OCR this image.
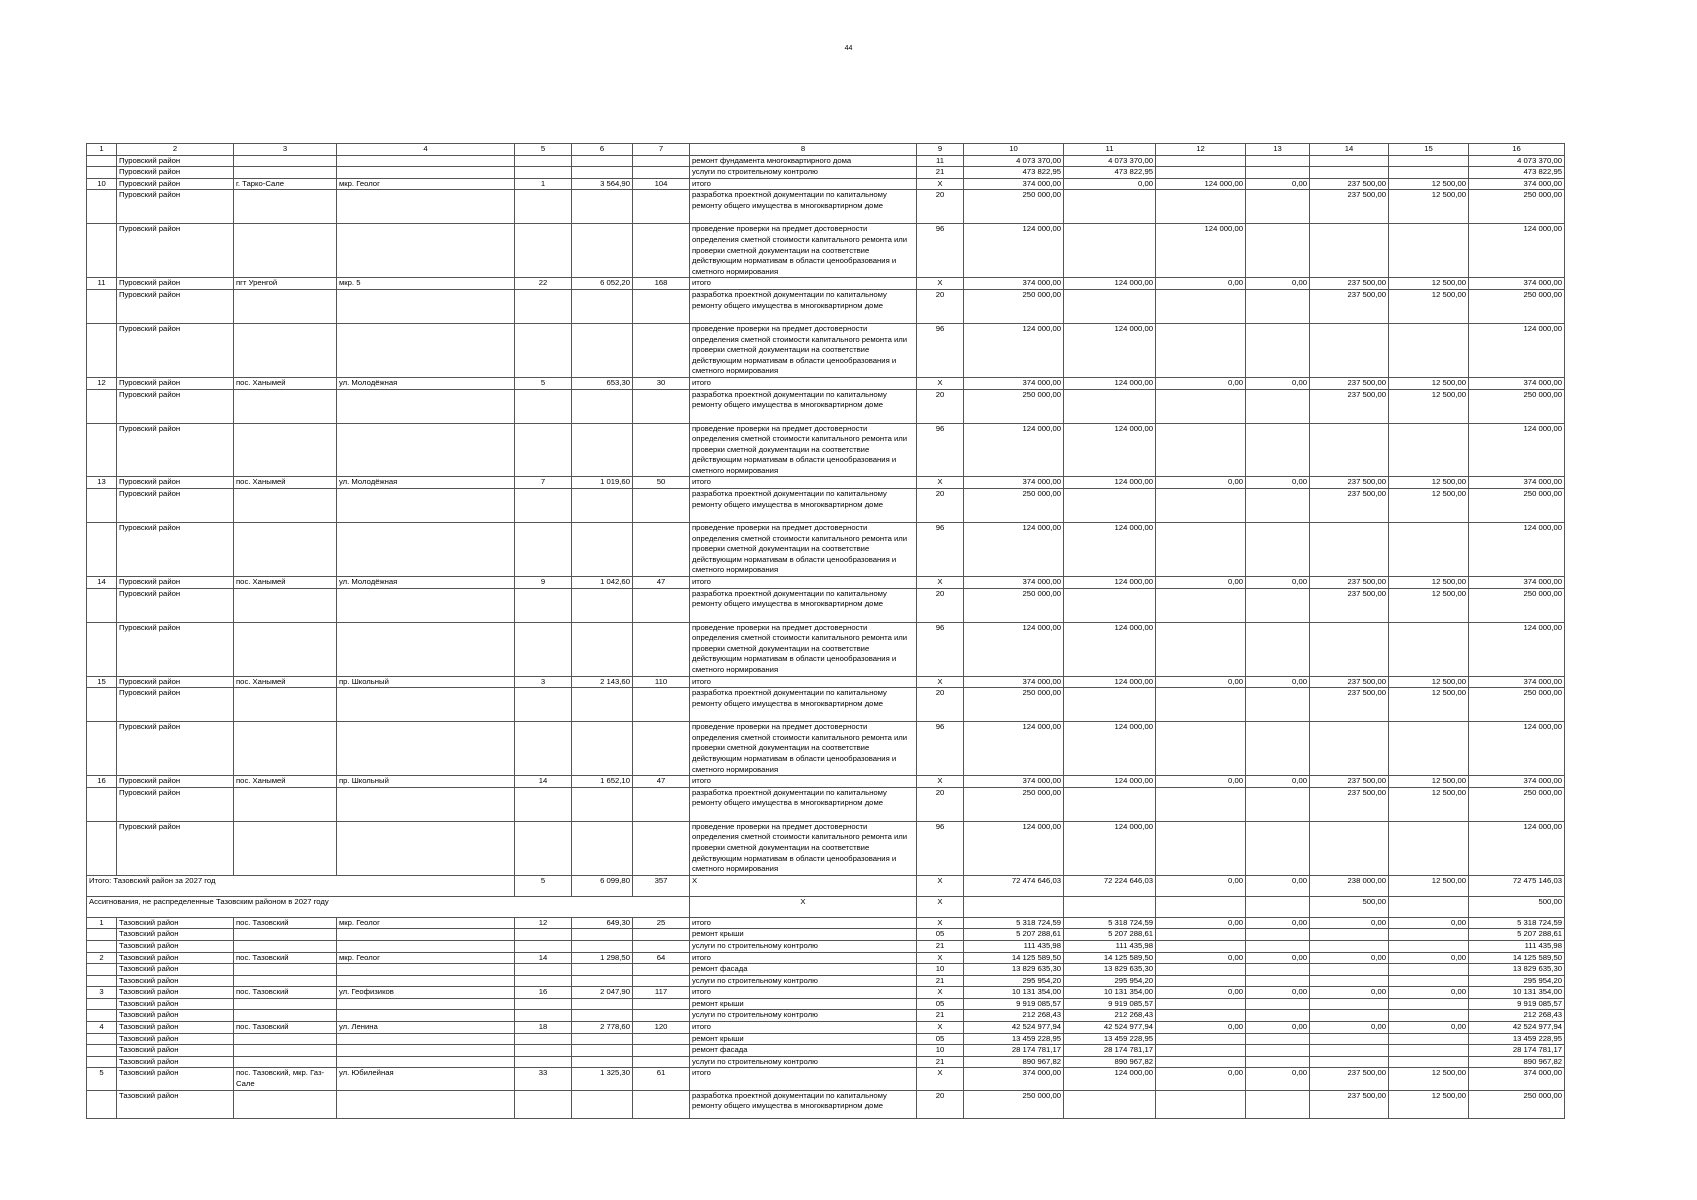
44
1	2	3	4	5	6	7	8	9	10	11	12	13	14	15	16
	Пуровский район						ремонт фундамента многоквартирного дома	11	4 073 370,00	4 073 370,00					4 073 370,00
	Пуровский район						услуги по строительному контролю	21	473 822,95	473 822,95					473 822,95
10	Пуровский район	г. Тарко-Сале	мкр. Геолог	1	3 564,90	104	итого	X	374 000,00	0,00	124 000,00	0,00	237 500,00	12 500,00	374 000,00
	Пуровский район						разработка проектной документации по капитальному ремонту общего имущества в многоквартирном доме	20	250 000,00				237 500,00	12 500,00	250 000,00
	Пуровский район						проведение проверки на предмет достоверности определения сметной стоимости капитального ремонта или проверки сметной документации на соответствие действующим нормативам в области ценообразования и сметного нормирования	96	124 000,00		124 000,00				124 000,00
11	Пуровский район	пгт Уренгой	мкр. 5	22	6 052,20	168	итого	X	374 000,00	124 000,00	0,00	0,00	237 500,00	12 500,00	374 000,00
	Пуровский район						разработка проектной документации по капитальному ремонту общего имущества в многоквартирном доме	20	250 000,00				237 500,00	12 500,00	250 000,00
	Пуровский район						проведение проверки на предмет достоверности определения сметной стоимости капитального ремонта или проверки сметной документации на соответствие действующим нормативам в области ценообразования и сметного нормирования	96	124 000,00	124 000,00					124 000,00
12	Пуровский район	пос. Ханымей	ул. Молодёжная	5	653,30	30	итого	X	374 000,00	124 000,00	0,00	0,00	237 500,00	12 500,00	374 000,00
	Пуровский район						разработка проектной документации по капитальному ремонту общего имущества в многоквартирном доме	20	250 000,00				237 500,00	12 500,00	250 000,00
	Пуровский район						проведение проверки на предмет достоверности определения сметной стоимости капитального ремонта или проверки сметной документации на соответствие действующим нормативам в области ценообразования и сметного нормирования	96	124 000,00	124 000,00					124 000,00
13	Пуровский район	пос. Ханымей	ул. Молодёжная	7	1 019,60	50	итого	X	374 000,00	124 000,00	0,00	0,00	237 500,00	12 500,00	374 000,00
	Пуровский район						разработка проектной документации по капитальному ремонту общего имущества в многоквартирном доме	20	250 000,00				237 500,00	12 500,00	250 000,00
	Пуровский район						проведение проверки на предмет достоверности определения сметной стоимости капитального ремонта или проверки сметной документации на соответствие действующим нормативам в области ценообразования и сметного нормирования	96	124 000,00	124 000,00					124 000,00
14	Пуровский район	пос. Ханымей	ул. Молодёжная	9	1 042,60	47	итого	X	374 000,00	124 000,00	0,00	0,00	237 500,00	12 500,00	374 000,00
	Пуровский район						разработка проектной документации по капитальному ремонту общего имущества в многоквартирном доме	20	250 000,00				237 500,00	12 500,00	250 000,00
	Пуровский район						проведение проверки на предмет достоверности определения сметной стоимости капитального ремонта или проверки сметной документации на соответствие действующим нормативам в области ценообразования и сметного нормирования	96	124 000,00	124 000,00					124 000,00
15	Пуровский район	пос. Ханымей	пр. Школьный	3	2 143,60	110	итого	X	374 000,00	124 000,00	0,00	0,00	237 500,00	12 500,00	374 000,00
	Пуровский район						разработка проектной документации по капитальному ремонту общего имущества в многоквартирном доме	20	250 000,00				237 500,00	12 500,00	250 000,00
	Пуровский район						проведение проверки на предмет достоверности определения сметной стоимости капитального ремонта или проверки сметной документации на соответствие действующим нормативам в области ценообразования и сметного нормирования	96	124 000,00	124 000,00					124 000,00
16	Пуровский район	пос. Ханымей	пр. Школьный	14	1 652,10	47	итого	X	374 000,00	124 000,00	0,00	0,00	237 500,00	12 500,00	374 000,00
	Пуровский район						разработка проектной документации по капитальному ремонту общего имущества в многоквартирном доме	20	250 000,00				237 500,00	12 500,00	250 000,00
	Пуровский район						проведение проверки на предмет достоверности определения сметной стоимости капитального ремонта или проверки сметной документации на соответствие действующим нормативам в области ценообразования и сметного нормирования	96	124 000,00	124 000,00					124 000,00
Итого: Тазовский район за 2027 год				5	6 099,80	357	X	X	72 474 646,03	72 224 646,03	0,00	0,00	238 000,00	12 500,00	72 475 146,03
Ассигнования, не распределенные Тазовским районом в 2027 году							X	X					500,00		500,00
1	Тазовский район	пос. Тазовский	мкр. Геолог	12	649,30	25	итого	X	5 318 724,59	5 318 724,59	0,00	0,00	0,00	0,00	5 318 724,59
	Тазовский район						ремонт крыши	05	5 207 288,61	5 207 288,61					5 207 288,61
	Тазовский район						услуги по строительному контролю	21	111 435,98	111 435,98					111 435,98
2	Тазовский район	пос. Тазовский	мкр. Геолог	14	1 298,50	64	итого	X	14 125 589,50	14 125 589,50	0,00	0,00	0,00	0,00	14 125 589,50
	Тазовский район						ремонт фасада	10	13 829 635,30	13 829 635,30					13 829 635,30
	Тазовский район						услуги по строительному контролю	21	295 954,20	295 954,20					295 954,20
3	Тазовский район	пос. Тазовский	ул. Геофизиков	16	2 047,90	117	итого	X	10 131 354,00	10 131 354,00	0,00	0,00	0,00	0,00	10 131 354,00
	Тазовский район						ремонт крыши	05	9 919 085,57	9 919 085,57					9 919 085,57
	Тазовский район						услуги по строительному контролю	21	212 268,43	212 268,43					212 268,43
4	Тазовский район	пос. Тазовский	ул. Ленина	18	2 778,60	120	итого	X	42 524 977,94	42 524 977,94	0,00	0,00	0,00	0,00	42 524 977,94
	Тазовский район						ремонт крыши	05	13 459 228,95	13 459 228,95					13 459 228,95
	Тазовский район						ремонт фасада	10	28 174 781,17	28 174 781,17					28 174 781,17
	Тазовский район						услуги по строительному контролю	21	890 967,82	890 967,82					890 967,82
5	Тазовский район	пос. Тазовский, мкр. Газ-Сале	ул. Юбилейная	33	1 325,30	61	итого	X	374 000,00	124 000,00	0,00	0,00	237 500,00	12 500,00	374 000,00
	Тазовский район						разработка проектной документации по капитальному ремонту общего имущества в многоквартирном доме	20	250 000,00				237 500,00	12 500,00	250 000,00
